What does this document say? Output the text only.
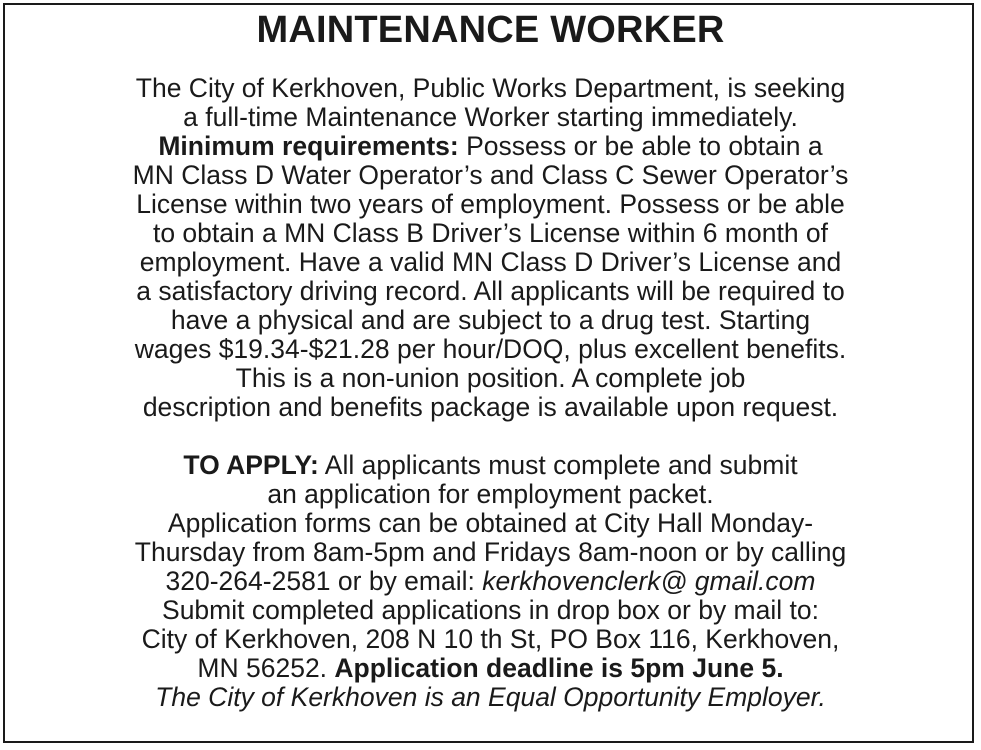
MAINTENANCE WORKER
The City of Kerkhoven, Public Works Department, is seeking
a full-time Maintenance Worker starting immediately.
Minimum requirements: Possess or be able to obtain a
MN Class D Water Operator’s and Class C Sewer Operator’s
License within two years of employment. Possess or be able
to obtain a MN Class B Driver’s License within 6 month of
employment. Have a valid MN Class D Driver’s License and
a satisfactory driving record. All applicants will be required to
have a physical and are subject to a drug test. Starting
wages $19.34-$21.28 per hour/DOQ, plus excellent benefits.
This is a non-union position. A complete job
description and benefits package is available upon request.
TO APPLY: All applicants must complete and submit
an application for employment packet.
Application forms can be obtained at City Hall Monday-
Thursday from 8am-5pm and Fridays 8am-noon or by calling
320-264-2581 or by email: kerkhovenclerk@ gmail.com
Submit completed applications in drop box or by mail to:
City of Kerkhoven, 208 N 10 th St, PO Box 116, Kerkhoven,
MN 56252. Application deadline is 5pm June 5.
The City of Kerkhoven is an Equal Opportunity Employer.
